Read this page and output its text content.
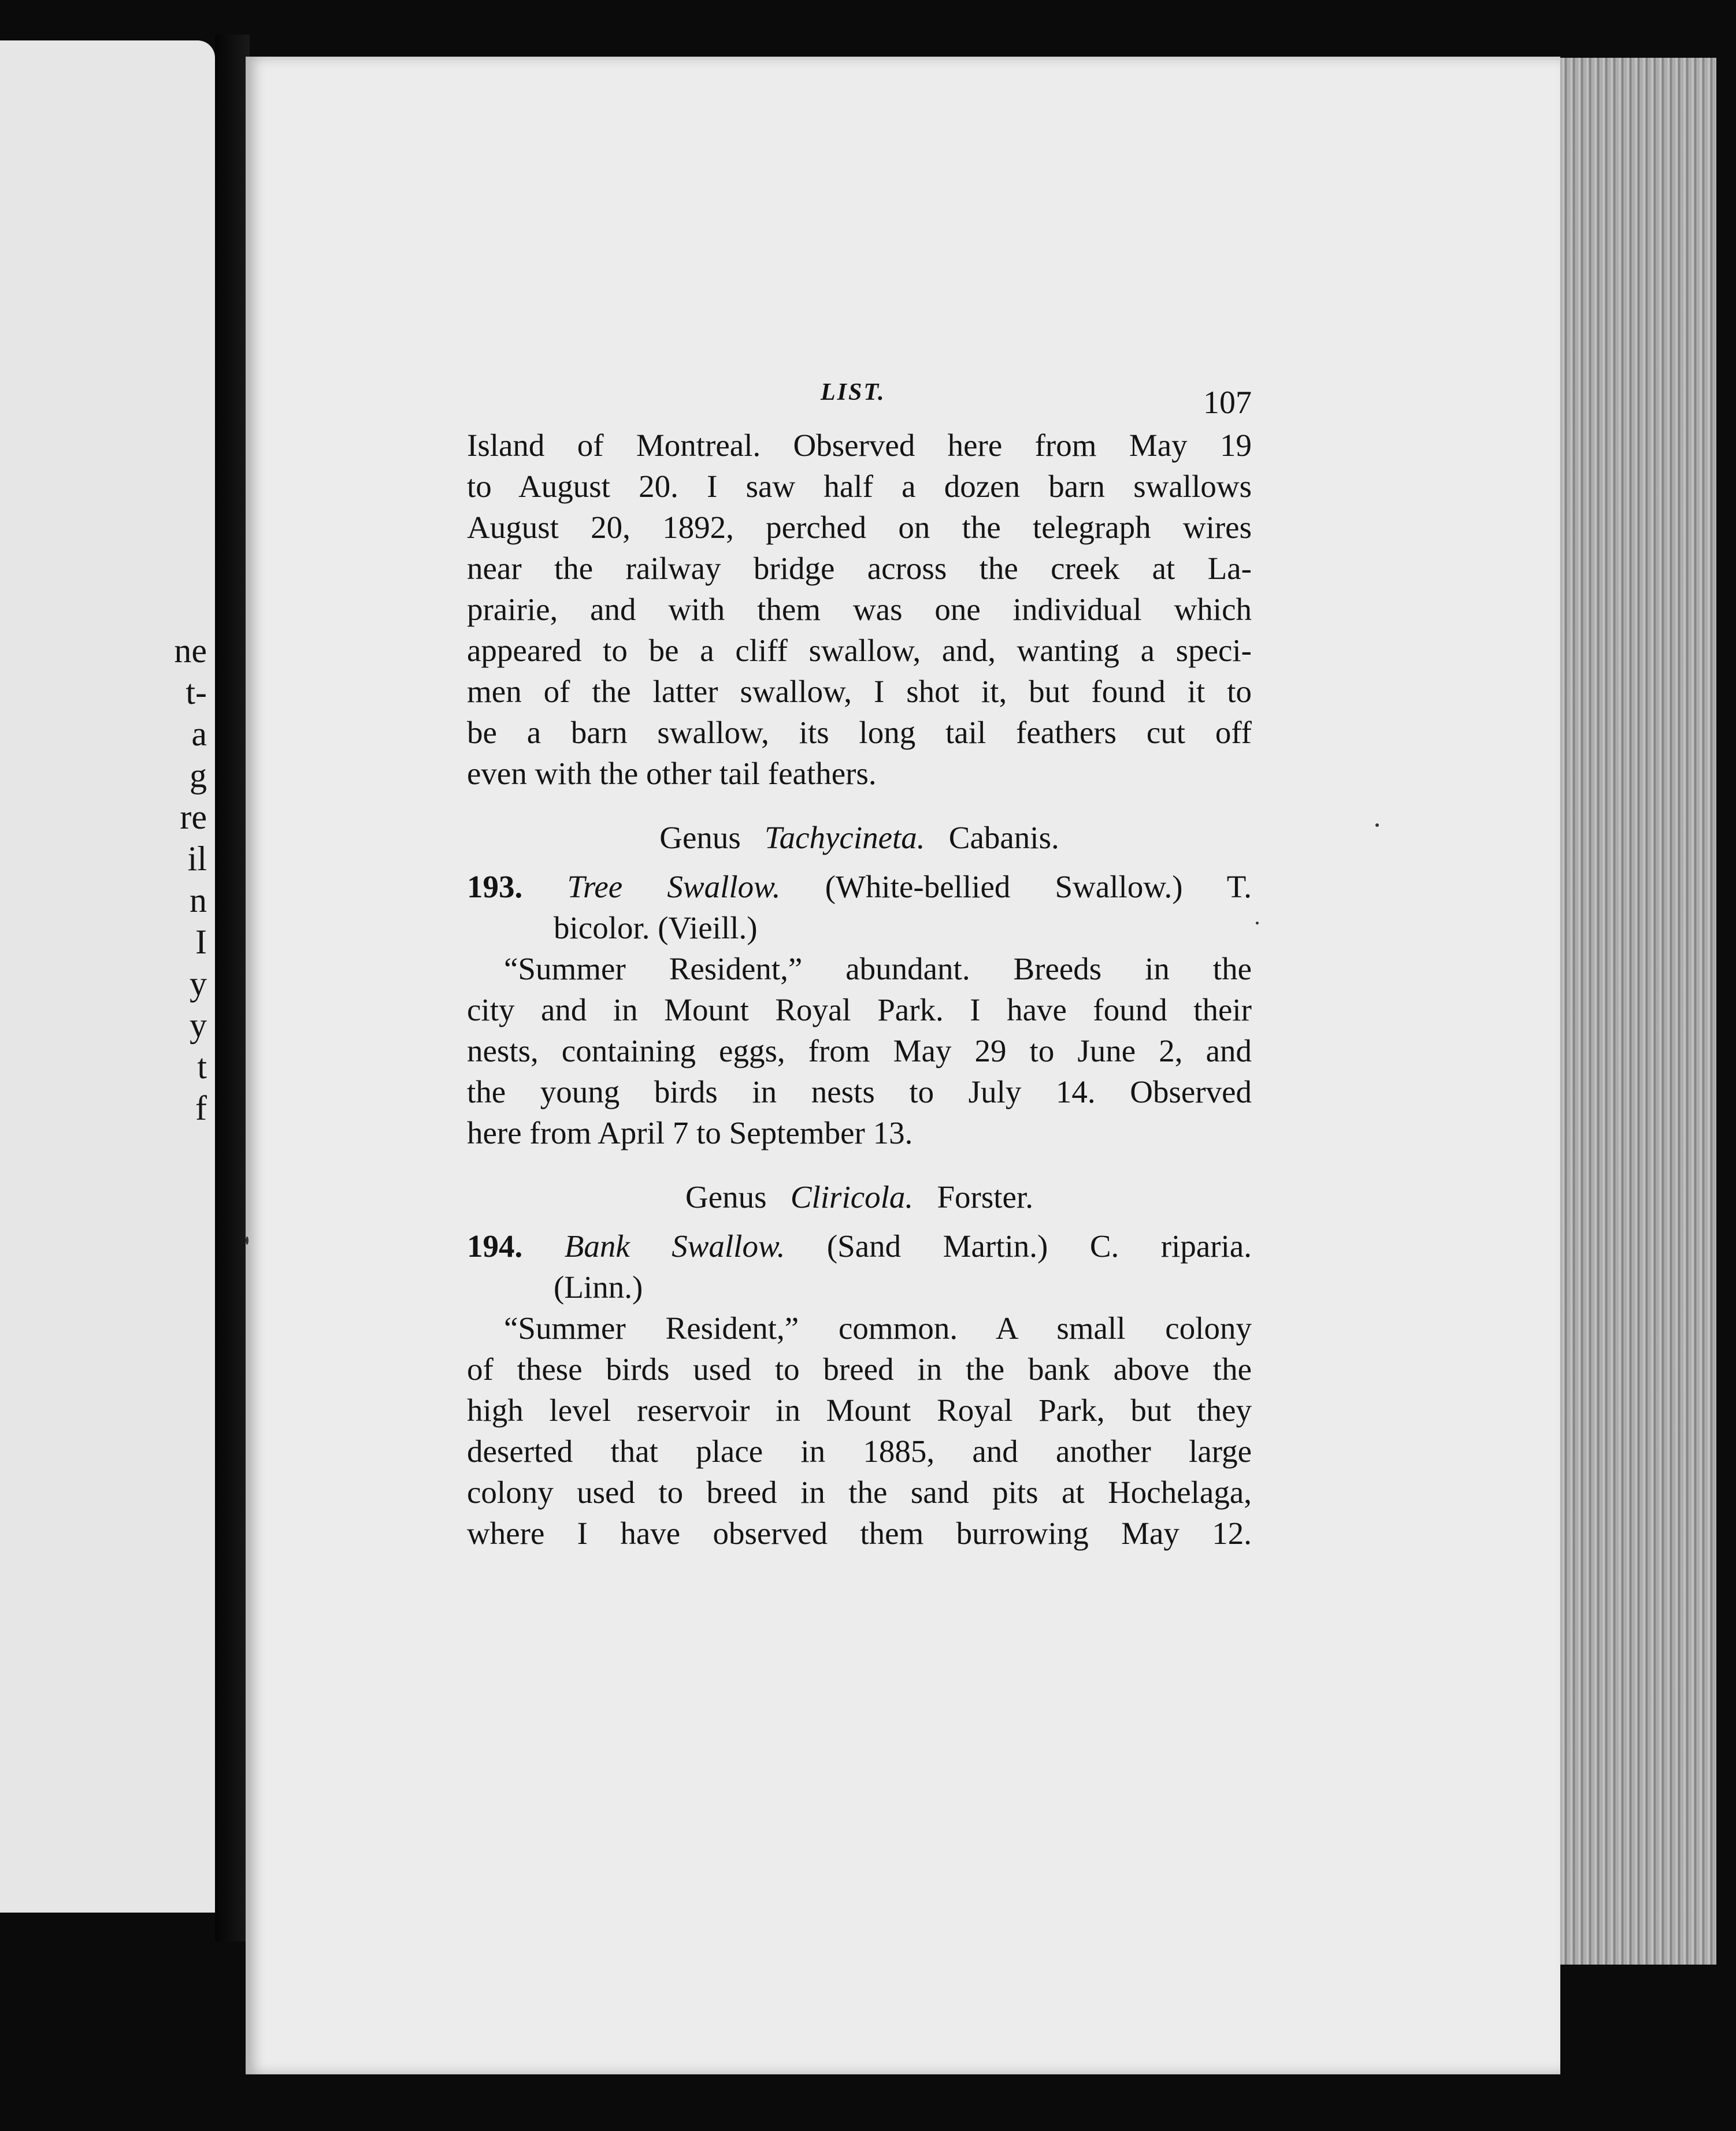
ne
t-
a
g
re
il
n
I
y
y
t
f
LIST.	107
Island of Montreal. Observed here from May 19
to August 20. I saw half a dozen barn swallows
August 20, 1892, perched on the telegraph wires
near the railway bridge across the creek at La-
prairie, and with them was one individual which
appeared to be a cliff swallow, and, wanting a speci-
men of the latter swallow, I shot it, but found it to
be a barn swallow, its long tail feathers cut off
even with the other tail feathers.
Genus Tachycineta. Cabanis.
193. Tree Swallow. (White-bellied Swallow.) T.
bicolor. (Vieill.)
“Summer Resident,” abundant. Breeds in the
city and in Mount Royal Park. I have found their
nests, containing eggs, from May 29 to June 2, and
the young birds in nests to July 14. Observed
here from April 7 to September 13.
Genus Cliricola. Forster.
194. Bank Swallow. (Sand Martin.) C. riparia.
(Linn.)
“Summer Resident,” common. A small colony
of these birds used to breed in the bank above the
high level reservoir in Mount Royal Park, but they
deserted that place in 1885, and another large
colony used to breed in the sand pits at Hochelaga,
where I have observed them burrowing May 12.
